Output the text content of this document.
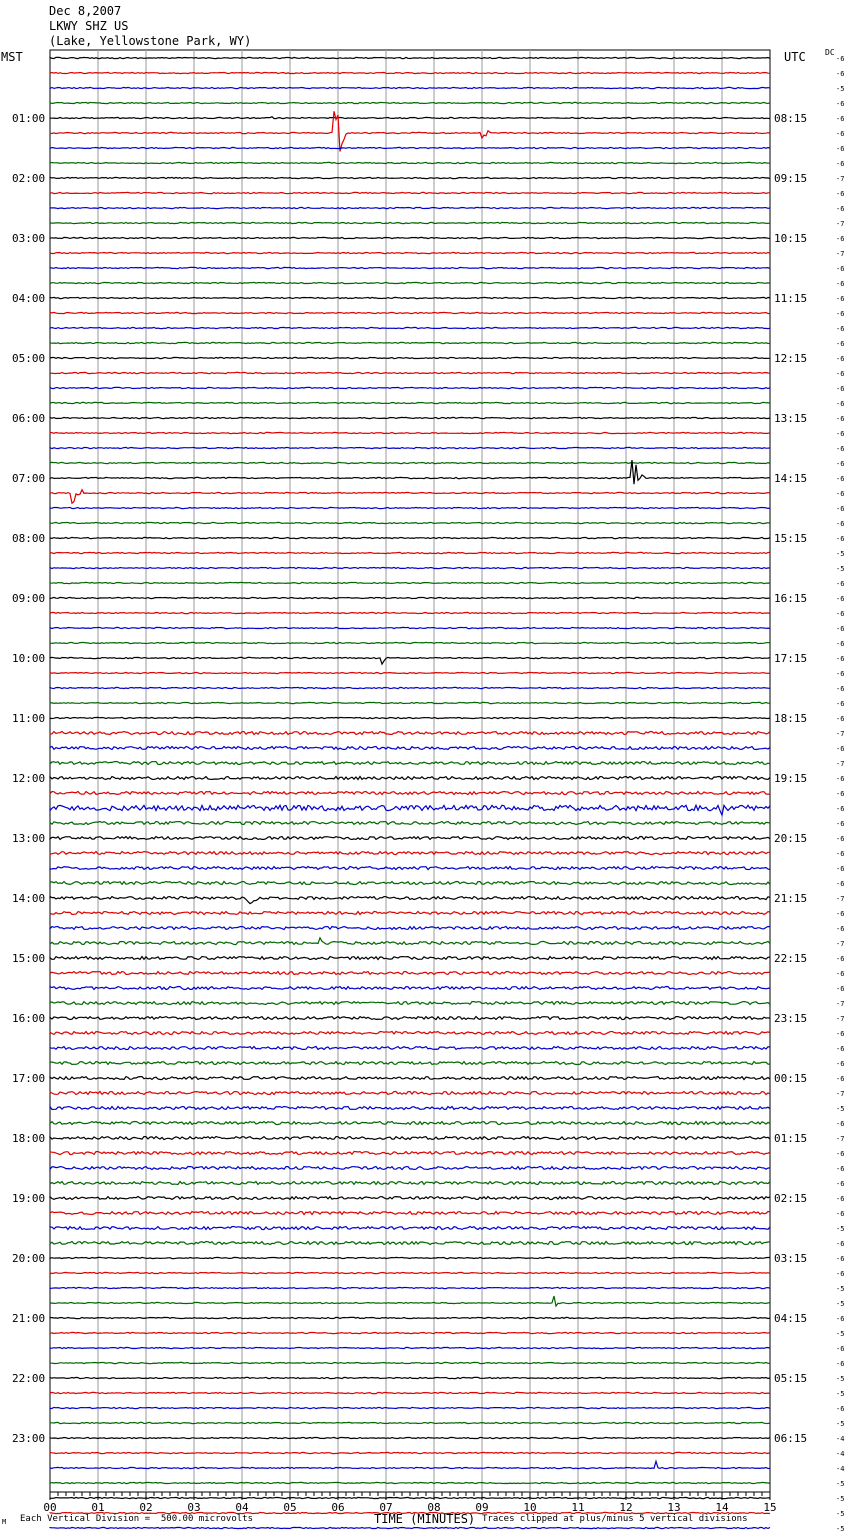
Dec 8,2007
LKWY SHZ US
(Lake, Yellowstone Park, WY)
MST	UTC DC
-6
-6
-5
-6
-6
-6
-6
-6
-7
-6
-6
-7
-6
-7
-6
-6
-6
-6
-6
-6
-6
-6
-6
-6
-6
-6
-6
-6
-6
-6
-6
-6
-6
-5
-5
-6
-6
-6
-6
-6
-6
-6
-6
-6
-6
-7
-6
-7
-6
-6
-6
-6
-6
-6
-6
-6
-7
-6
-6
-7
-6
-6
-6
-7
-7
-6
-6
-6
-6
-7
-5
-6
-7
-6
-6
-6
-6
-6
-5
-6
-6
-6
-5
-5
-6
-5
-6
-6
-5
-5
-6
-5
-4
-4
-4
-5
-5
-5
-5
01:00
02:00
03:00
04:00
05:00
06:00
07:00
08:00
09:00
10:00
11:00
12:00
13:00
14:00
15:00
16:00
17:00
18:00
19:00
20:00
21:00
22:00
23:00
08:15
09:15
10:15
11:15
12:15
13:15
14:15
15:15
16:15
17:15
18:15
19:15
20:15
21:15
22:15
23:15
00:15
01:15
02:15
03:15
04:15
05:15
06:15
00	01	02	03	04	05	06	07	08	09	10	11	12	13	14	15
M Each Vertical Division =  500.00 microvolts	TIME (MINUTES) Traces clipped at plus/minus 5 vertical divisions
